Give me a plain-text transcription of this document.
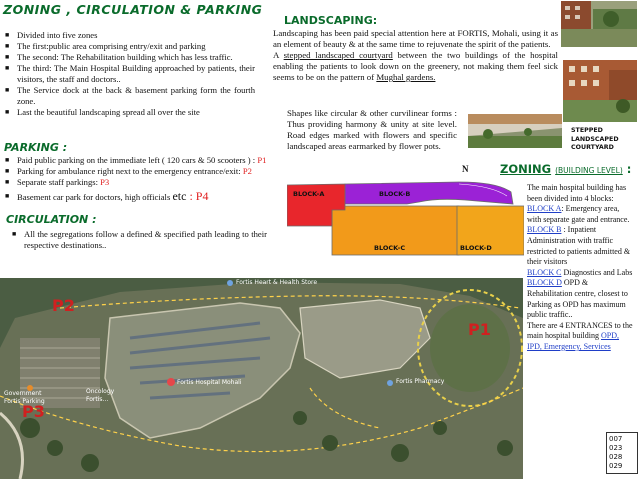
ZONING , CIRCULATION & PARKING
■ Divided into five zones
■ The first:public area comprising entry/exit and parking
■ The second: The Rehabilitation building which has less traffic.
■ The third: The Main Hospital Building approached by patients, their visitors, the staff and doctors..
■ The Service dock at the back & basement parking form the fourth zone.
■ Last the beautiful landscaping spread all over the site
PARKING :
■ Paid public parking on the immediate left ( 120 cars & 50 scooters ) : P1
■ Parking for ambulance right next to the emergency entrance/exit: P2
■ Separate staff parkings: P3
■ Basement car park for doctors, high officials etc : P4
CIRCULATION :
■ All the segregations follow a defined & specified path leading to their respective destinations..
LANDSCAPING:
Landscaping has been paid special attention here at FORTIS, Mohali, using it as an element of beauty & at the same time to rejuvenate the spirit of the patients.
A stepped landscaped courtyard between the two buildings of the hospital enabling the patients to look down on the greenery, not making them feel sick seems to be on the pattern of Mughal gardens.
Shapes like circular & other curvilinear forms : Thus providing harmony & unity at site level. Road edges marked with flowers and specific landscaped areas earmarked by flower pots.
STEPPED
LANDSCAPED
COURTYARD
N
BLOCK-A	BLOCK-B
BLOCK-C	BLOCK-D
ZONING (BUILDING LEVEL) :
The main hospital building has been divided into 4 blocks:
BLOCK A: Emergency area, with separate gate and entrance.
BLOCK B : Inpatient Administration with traffic restricted to patients admitted & their visitors
BLOCK C Diagnostics and Labs
BLOCK D OPD & Rehabilitation centre, closest to Parking as OPD has maximum public traffic..
There are 4 ENTRANCES to the main hospital building OPD, IPD, Emergency, Services
P2
P1
P3
Fortis Hospital Mohali
Oncology
Fortis...
Government
Fortis Parking
Fortis Pharmacy
Fortis Heart & Health Store
007
023
028
029
